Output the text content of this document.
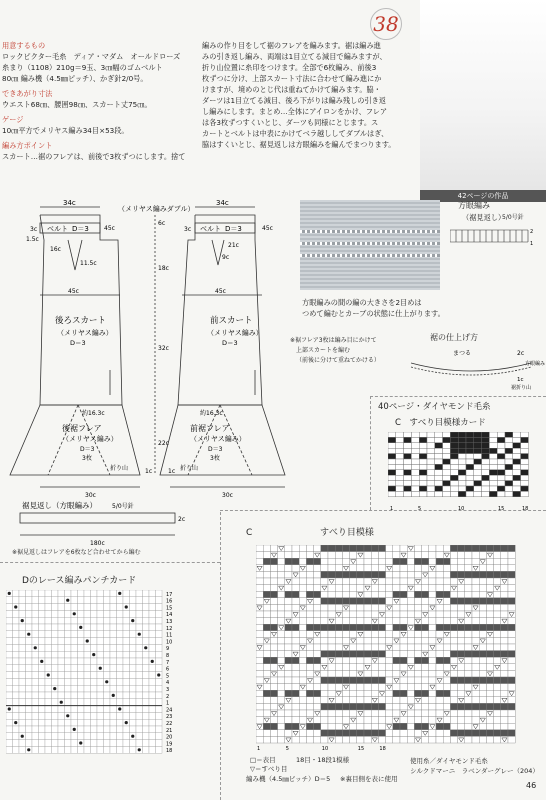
用意するもの
ロックピクター毛糸　ディア・マダム　オールドローズ
糸まり（1108）210g＝9玉、3㎝幅のゴムベルト
80㎝ 編み機（4.5㎜ピッチ）、かぎ針2/0号。
できあがり寸法
ウエスト68㎝、腰囲98㎝、スカート丈75㎝。
ゲージ
10㎝平方でメリヤス編み34目×53段。
編み方ポイント
スカート…裾のフレアは、前後で3枚ずつにします。捨て
編みの作り目をして裾のフレアを編みます。裾は編み進
みの引き返し編み、両端は1目立てる減目で編みますが、
折り山位置に糸印をつけます。全部で6枚編み、前後3
枚ずつに分け、上部スカート寸法に合わせて編み進にか
けますが、境めのとじ代は重ねてかけて編みます。脇・
ダーツは1目立てる減目、後ろ下がりは編み残しの引き返
し編みにします。まとめ…全体にアイロンをかけ、フレア
は各3枚ずつすくいとじ、ダーツも同様にとじます。ス
カートとベルトは中表にかけてベラ越ししてダブルはぎ、
脇はすくいとじ、裾見返しは方眼編みを編んでまつります。
38
42ページの作品
34c
（メリヤス編みダブル）
ベルト D＝3	45c
3c
1.5c
16c
11.5c
45c
6c
18c
32c
22c
後ろスカート
（メリヤス編み）
D＝3
約16.3c
後裾フレア
（メリヤス編み）
D＝3
3枚
折り山
30c
1c
34c
ベルト D＝3	45c
3c
21c
9c
45c
前スカート
（メリヤス編み）
D＝3
約16.3c
前裾フレア
（メリヤス編み）
D＝3
3枚
折り山
30c
1c
裾見返し（方眼編み）	5/0号針
180c
2c
※裾見返しはフレアを6枚など合わせてから編む
方眼編みの間の編の大きさを2目めは
つめて編むとカーブの状態に仕上がります。
※裾フレア3枚は編み目にかけて
上部スカートを編む
（前後に分けて重ねてかける）
方眼編み
（裾見返し）
5/0号針
2
1
裾の仕上げ方
まつる	2c
方眼編み
1c
裾折り山
40ページ・ダイヤモンド毛糸
C　すべり目模様カード
1	5	10	15	18
Dのレース編みパンチカード
17
16
15
14
13
12
11
10
9
8
7
6
5
4
3
2
1
24
23
22
21
20
19
18
C	すべり目模様
1	5	10	15	18
□＝表目	18目・18段1模様
▽＝すべり目
編み機（4.5㎜ピッチ）D＝5 ※裏目側を表に使用
使用糸／ダイヤモンド毛糸
シルクドマーニ　ラベンダーグレー（204）
46
